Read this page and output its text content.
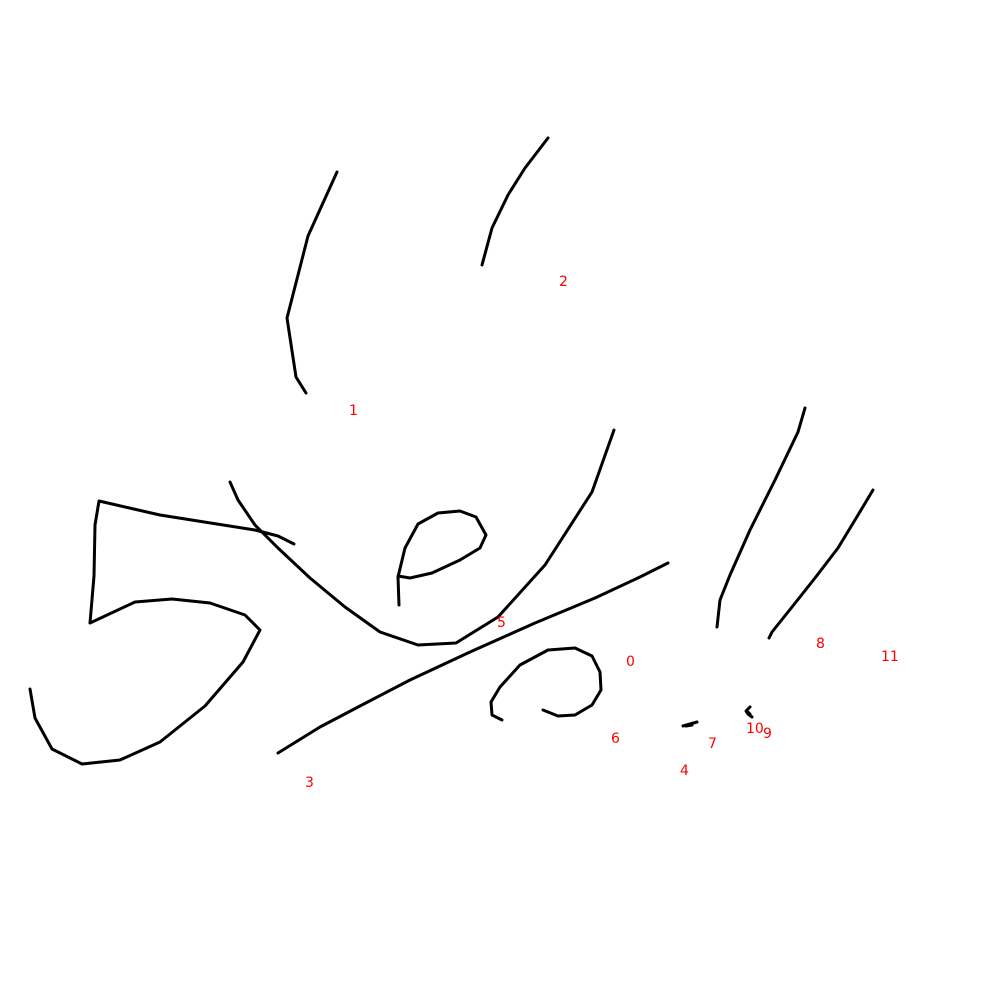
0
1
2
3
4
5
6	7
8
9
10
11
